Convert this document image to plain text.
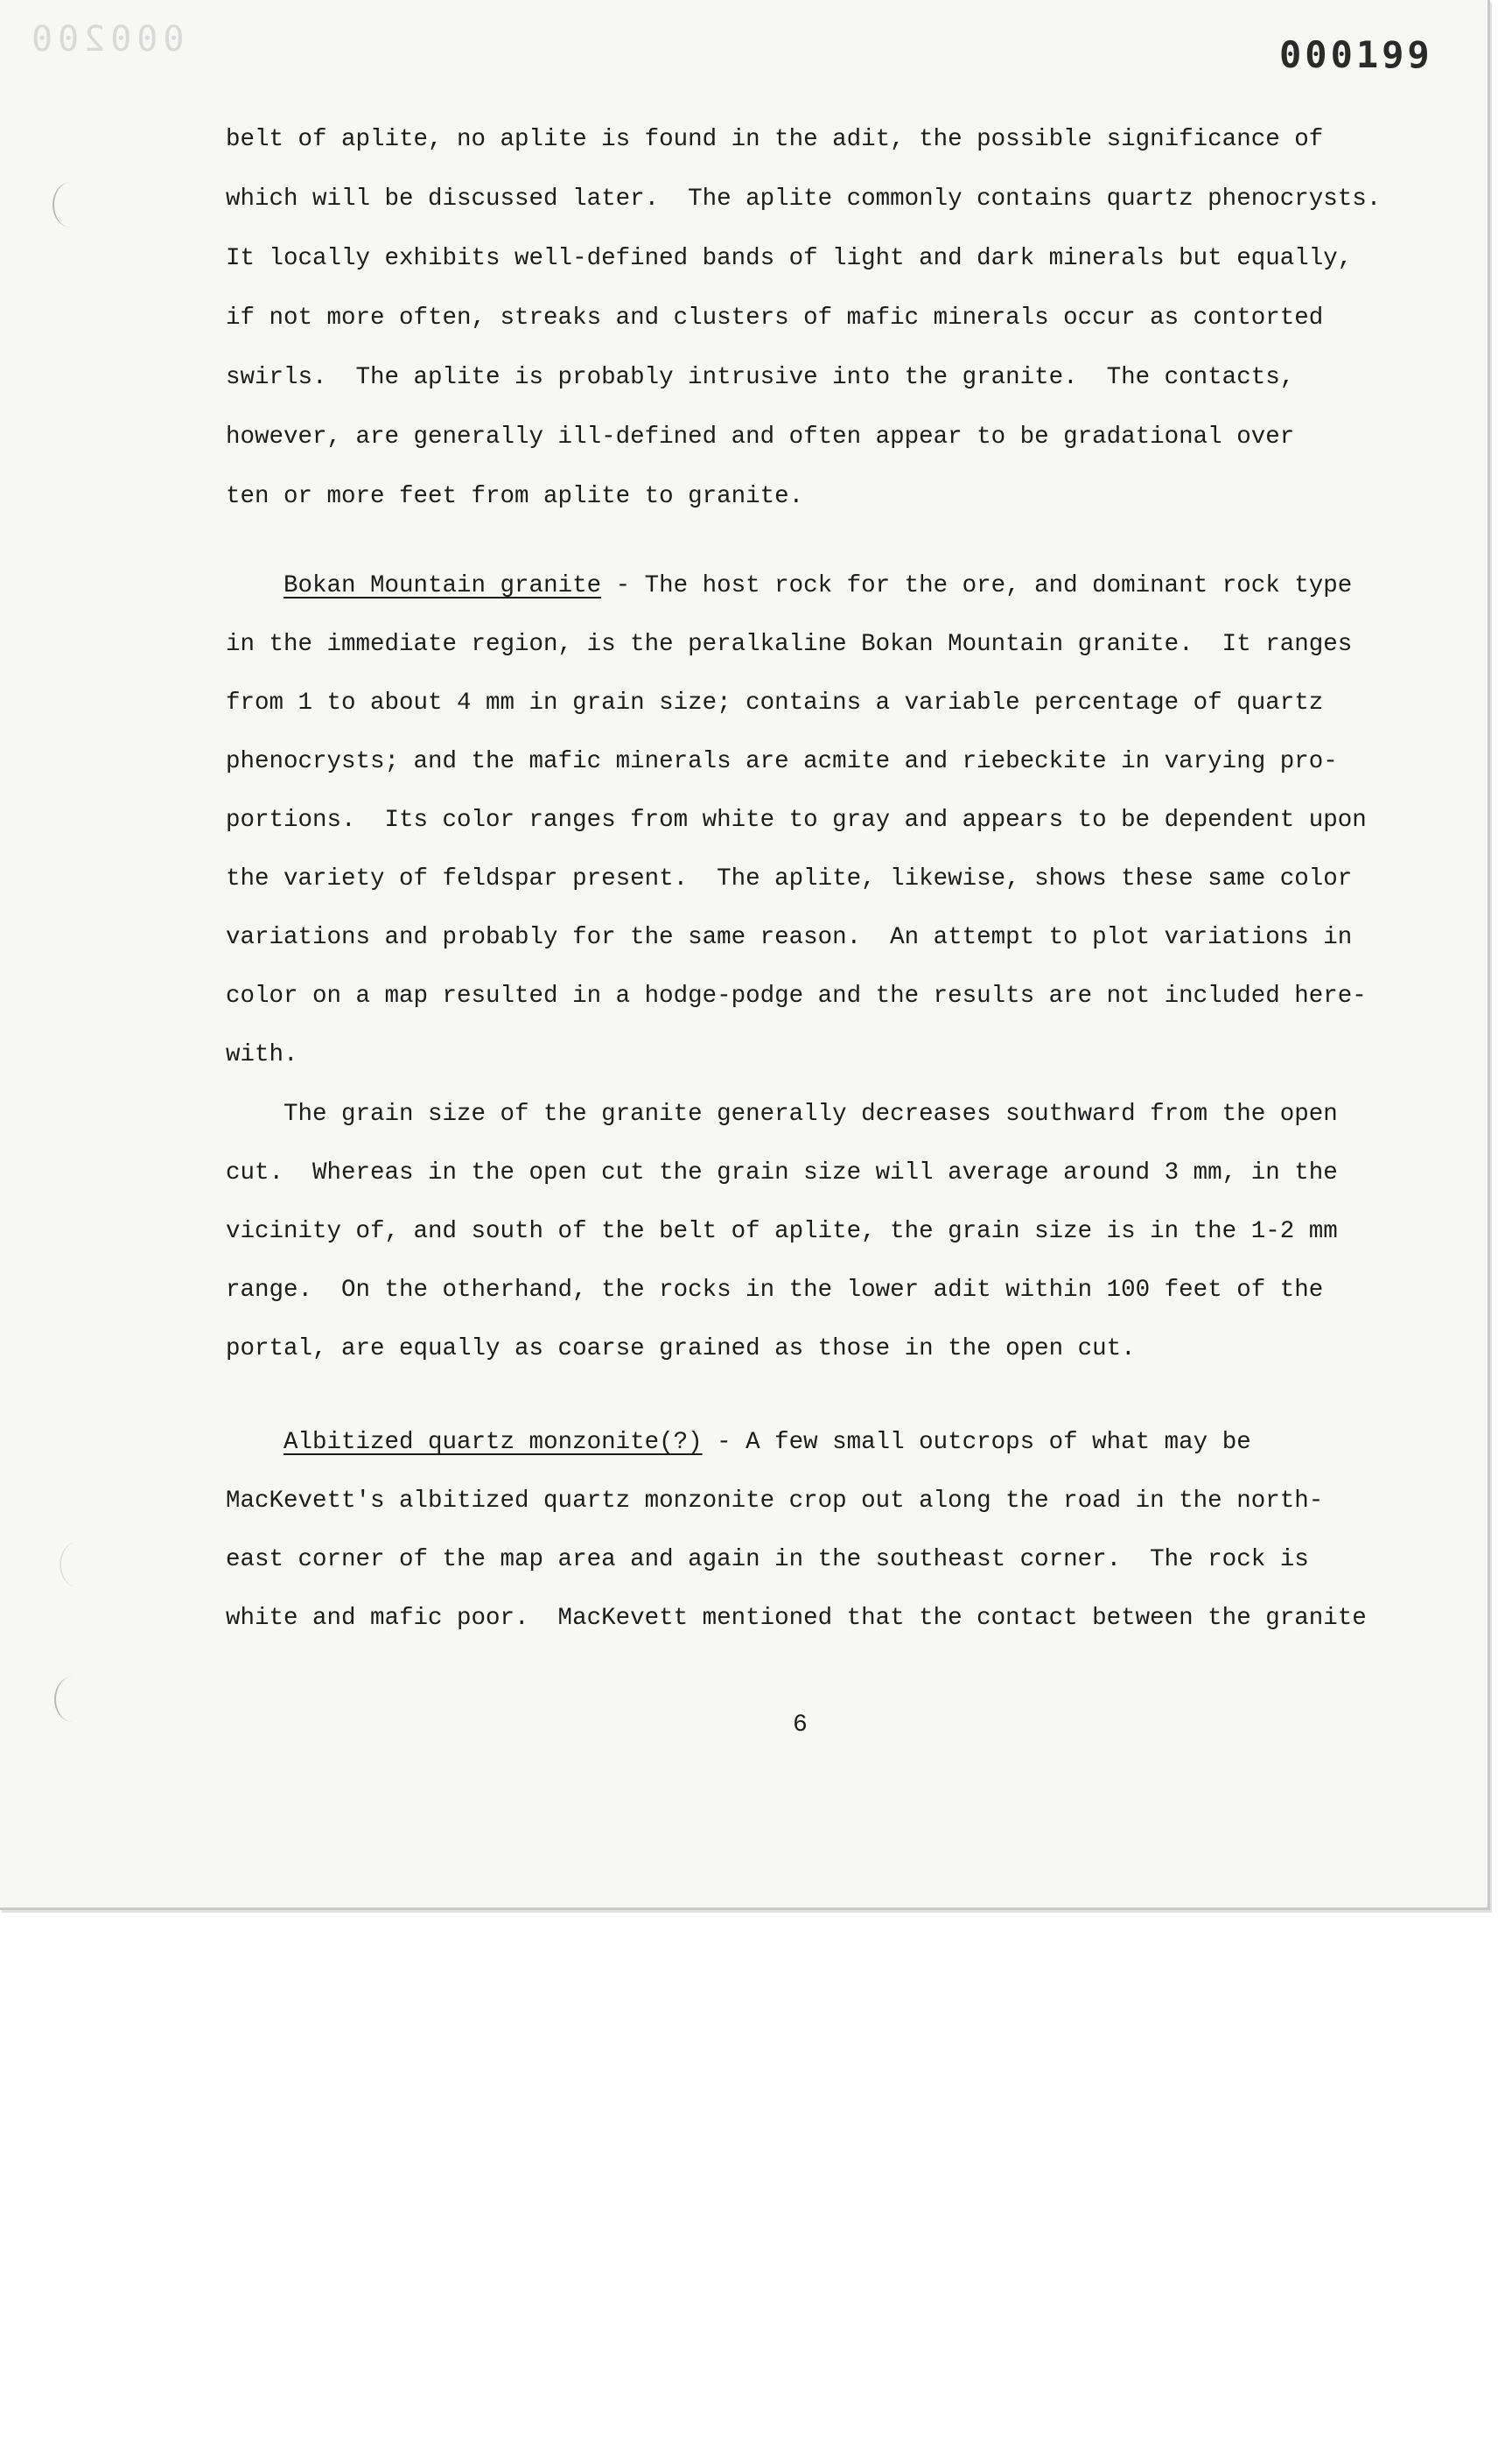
000200	000199
belt of aplite, no aplite is found in the adit, the possible significance of
which will be discussed later.  The aplite commonly contains quartz phenocrysts.
It locally exhibits well-defined bands of light and dark minerals but equally,
if not more often, streaks and clusters of mafic minerals occur as contorted
swirls.  The aplite is probably intrusive into the granite.  The contacts,
however, are generally ill-defined and often appear to be gradational over
ten or more feet from aplite to granite.
Bokan Mountain granite - The host rock for the ore, and dominant rock type
in the immediate region, is the peralkaline Bokan Mountain granite.  It ranges
from 1 to about 4 mm in grain size; contains a variable percentage of quartz
phenocrysts; and the mafic minerals are acmite and riebeckite in varying pro-
portions.  Its color ranges from white to gray and appears to be dependent upon
the variety of feldspar present.  The aplite, likewise, shows these same color
variations and probably for the same reason.  An attempt to plot variations in
color on a map resulted in a hodge-podge and the results are not included here-
with.
The grain size of the granite generally decreases southward from the open
cut.  Whereas in the open cut the grain size will average around 3 mm, in the
vicinity of, and south of the belt of aplite, the grain size is in the 1-2 mm
range.  On the otherhand, the rocks in the lower adit within 100 feet of the
portal, are equally as coarse grained as those in the open cut.
Albitized quartz monzonite(?) - A few small outcrops of what may be
MacKevett's albitized quartz monzonite crop out along the road in the north-
east corner of the map area and again in the southeast corner.  The rock is
white and mafic poor.  MacKevett mentioned that the contact between the granite
6
